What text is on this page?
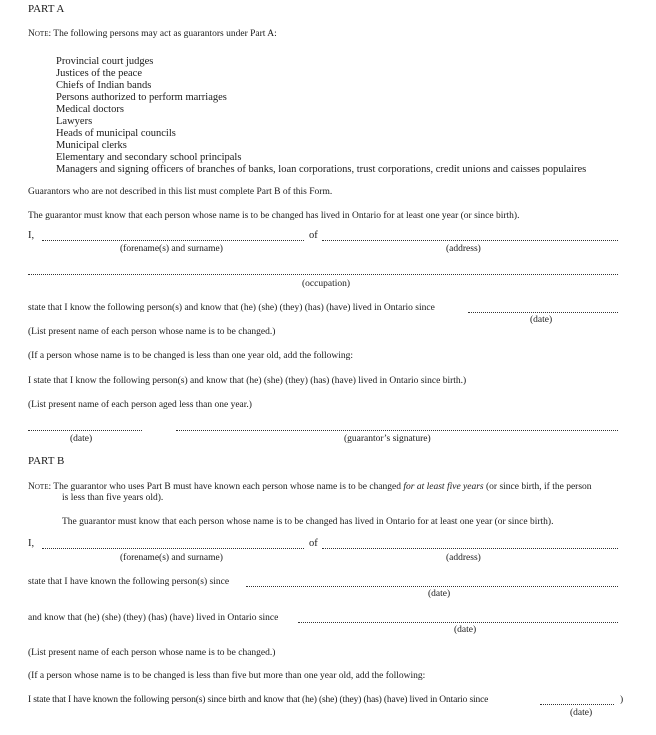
PART A
Note: The following persons may act as guarantors under Part A:
Provincial court judges
Justices of the peace
Chiefs of Indian bands
Persons authorized to perform marriages
Medical doctors
Lawyers
Heads of municipal councils
Municipal clerks
Elementary and secondary school principals
Managers and signing officers of branches of banks, loan corporations, trust corporations, credit unions and caisses populaires
Guarantors who are not described in this list must complete Part B of this Form.
The guarantor must know that each person whose name is to be changed has lived in Ontario for at least one year (or since birth).
I,	of
(forename(s) and surname)	(address)
(occupation)
state that I know the following person(s) and know that (he) (she) (they) (has) (have) lived in Ontario since
(date)
(List present name of each person whose name is to be changed.)
(If a person whose name is to be changed is less than one year old, add the following:
I state that I know the following person(s) and know that (he) (she) (they) (has) (have) lived in Ontario since birth.)
(List present name of each person aged less than one year.)
(date)	(guarantor’s signature)
PART B
Note: The guarantor who uses Part B must have known each person whose name is to be changed for at least five years (or since birth, if the person
is less than five years old).
The guarantor must know that each person whose name is to be changed has lived in Ontario for at least one year (or since birth).
I,	of
(forename(s) and surname)	(address)
state that I have known the following person(s) since
(date)
and know that (he) (she) (they) (has) (have) lived in Ontario since
(date)
(List present name of each person whose name is to be changed.)
(If a person whose name is to be changed is less than five but more than one year old, add the following:
I state that I have known the following person(s) since birth and know that (he) (she) (they) (has) (have) lived in Ontario since	)
(date)
